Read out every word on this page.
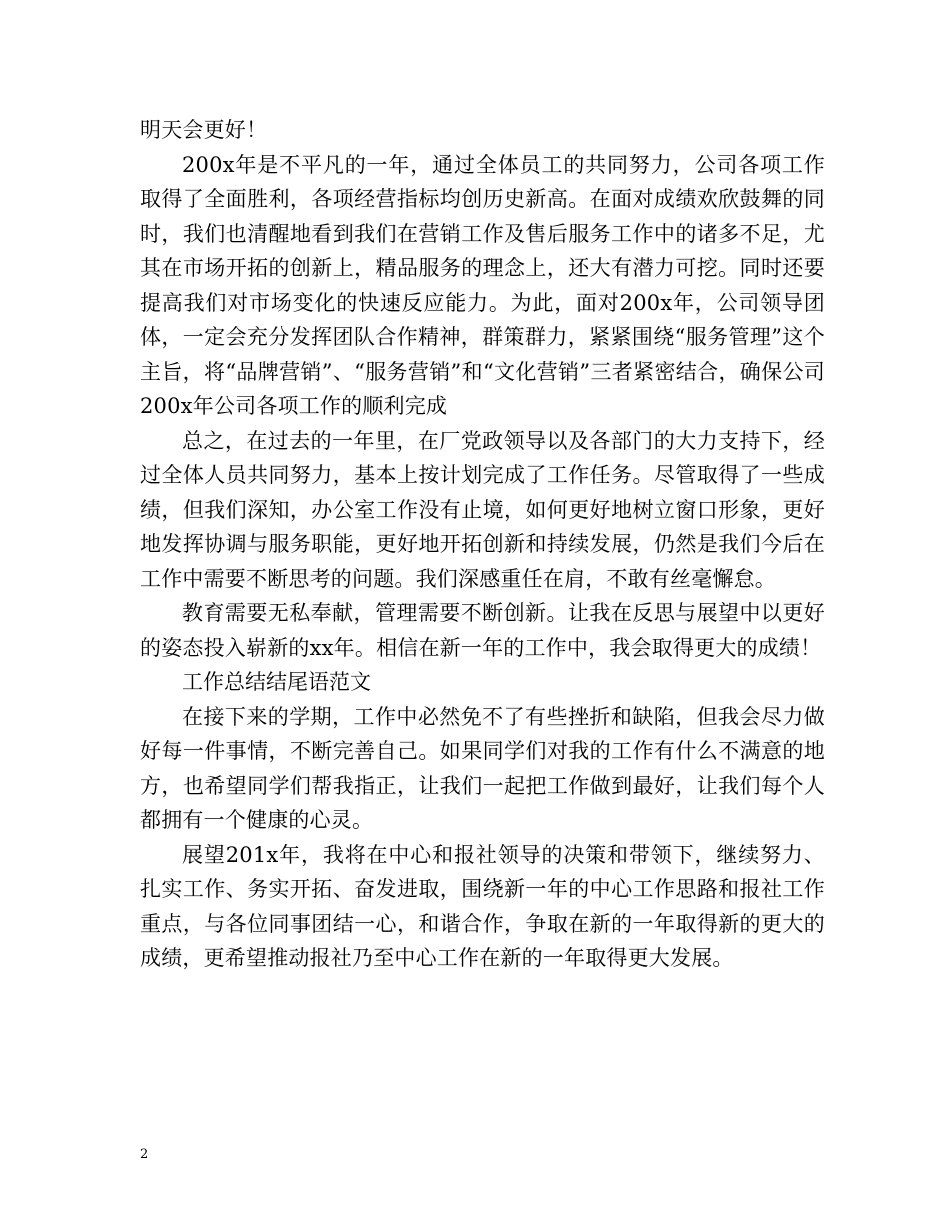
明天会更好！

200x年是不平凡的一年，通过全体员工的共同努力，公司各项工作取得了全面胜利，各项经营指标均创历史新高。在面对成绩欢欣鼓舞的同时，我们也清醒地看到我们在营销工作及售后服务工作中的诸多不足，尤其在市场开拓的创新上，精品服务的理念上，还大有潜力可挖。同时还要提高我们对市场变化的快速反应能力。为此，面对200x年，公司领导团体，一定会充分发挥团队合作精神，群策群力，紧紧围绕“服务管理”这个主旨，将“品牌营销”、“服务营销”和“文化营销”三者紧密结合，确保公司200x年公司各项工作的顺利完成

总之，在过去的一年里，在厂党政领导以及各部门的大力支持下，经过全体人员共同努力，基本上按计划完成了工作任务。尽管取得了一些成绩，但我们深知，办公室工作没有止境，如何更好地树立窗口形象，更好地发挥协调与服务职能，更好地开拓创新和持续发展，仍然是我们今后在工作中需要不断思考的问题。我们深感重任在肩，不敢有丝毫懈怠。

教育需要无私奉献，管理需要不断创新。让我在反思与展望中以更好的姿态投入崭新的xx年。相信在新一年的工作中，我会取得更大的成绩！

工作总结结尾语范文

在接下来的学期，工作中必然免不了有些挫折和缺陷，但我会尽力做好每一件事情，不断完善自己。如果同学们对我的工作有什么不满意的地方，也希望同学们帮我指正，让我们一起把工作做到最好，让我们每个人都拥有一个健康的心灵。

展望201x年，我将在中心和报社领导的决策和带领下，继续努力、扎实工作、务实开拓、奋发进取，围绕新一年的中心工作思路和报社工作重点，与各位同事团结一心，和谐合作，争取在新的一年取得新的更大的成绩，更希望推动报社乃至中心工作在新的一年取得更大发展。

2
